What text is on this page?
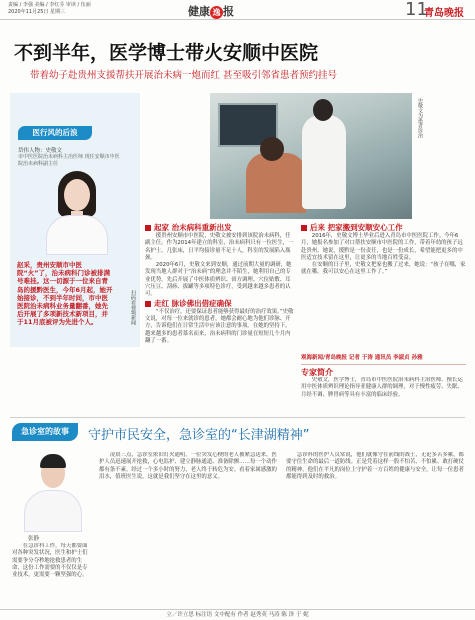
责编 / 李强 美编 / 李红芬 审读 / 伍丽
2020年11月25日 星期三	健康 逸 报	11
青岛晚报
不到半年，医学博士带火安顺中医院
带着幼子赴贵州支援帮扶开展治未病一炮而红 甚至吸引邻省患者预约挂号
医行风的后浪
岱伟人物：史敬文
市中医医院治未病科主治医师 现任安顺市中医院治未病科副主任
赵采，贵州安顺市中医院“火”了，治未病科门诊被排满号难挂。这一切源于一位来自青岛的援黔医生，今年6月起，她开始接诊，不到半年时间，市中医医院治未病科业务量翻番，她先后开展了多项新技术新项目，并于11月底被评为先进个人。	扫码看视频新闻
史敬文为患者诊治
起家 治未病科重新出发

援贵州安顺市中医院，史敬文被安排到该院治未病科，任副主任。作为2014年建立的科室，治未病科只有一位医生，一名护士，几张床，日平均接诊量不足十人，科室的发展陷入瓶颈。

2020年6月，史敬文来到安顺，通过前期大量的调研，她发现当地人群对于“治未病”的理念并不陌生，她利用自己的专业优势，先后开展了中医体质辨识、膏方调理、穴位贴敷、耳穴压豆、刮痧、拔罐等多项特色诊疗，受到越来越多患者的认可。

走红 脉诊佛出借症确保

“不仅治疗，还要保证患者能够获得最好的治疗效果。”史敬文说，对每一位来就诊的患者，她都会耐心地为他们诊脉、开方，告诉他们在日常生活中应该注意的事项。在她的坚持下，越来越多的患者慕名而来，治未病科的门诊量在短短几个月内翻了一番。

后来 把家搬到安顺安心工作

2016年，史敬文博士毕业后进入青岛市中医医院工作。今年6月，她报名参加了对口帮扶安顺市中医院的工作，带着年幼的孩子远赴贵州。她说，援黔是一份责任，也是一份成长，希望能把更多的中医适宜技术留在这里，让更多的当地百姓受益。

在安顺的日子里，史敬文把家也搬了过来，她说：“孩子在哪，家就在哪，我可以安心在这里工作了。”

观海新闻/青岛晚报 记者 于涛 通讯员 李淑贞 孙雅
专家简介

史敬文，医学博士，青岛市中医医院治未病科主治医师。擅长运用中医体质辨识理论指导亚健康人群的调理，对于慢性疲劳、失眠、月经不调、脾胃病等具有丰富的临床经验。

急诊室的故事	守护市民安全，急诊室的“长津湖精神”
张静

在急诊科工作，每天都要面对各种突发状况，医生和护士们需要争分夺秒地抢救患者的生命，这份工作需要的不仅仅是专业技术，更需要一颗坚强的心。

凌晨三点，急诊室依旧灯火通明。一位突发心梗的老人被紧急送来，医护人员迅速展开抢救，心电监护、建立静脉通道、准备除颤……每一个动作都有条不紊。经过一个多小时的努力，老人终于转危为安。看着家属感激的泪水，值班医生说，这就是我们坚守在这里的意义。

急诊科的医护人员常说，他们就像守在前线的战士，无论多苦多累，都要守住生命的最后一道防线。正是凭着这样一股不怕苦、不怕累、敢打硬仗的精神，他们在平凡的岗位上守护着一方百姓的健康与安全，让每一位患者都能得到及时的救治。

立／许立思 标注语 文中配有 作者 赵秀英 马涛 陈 泽 于 妮
